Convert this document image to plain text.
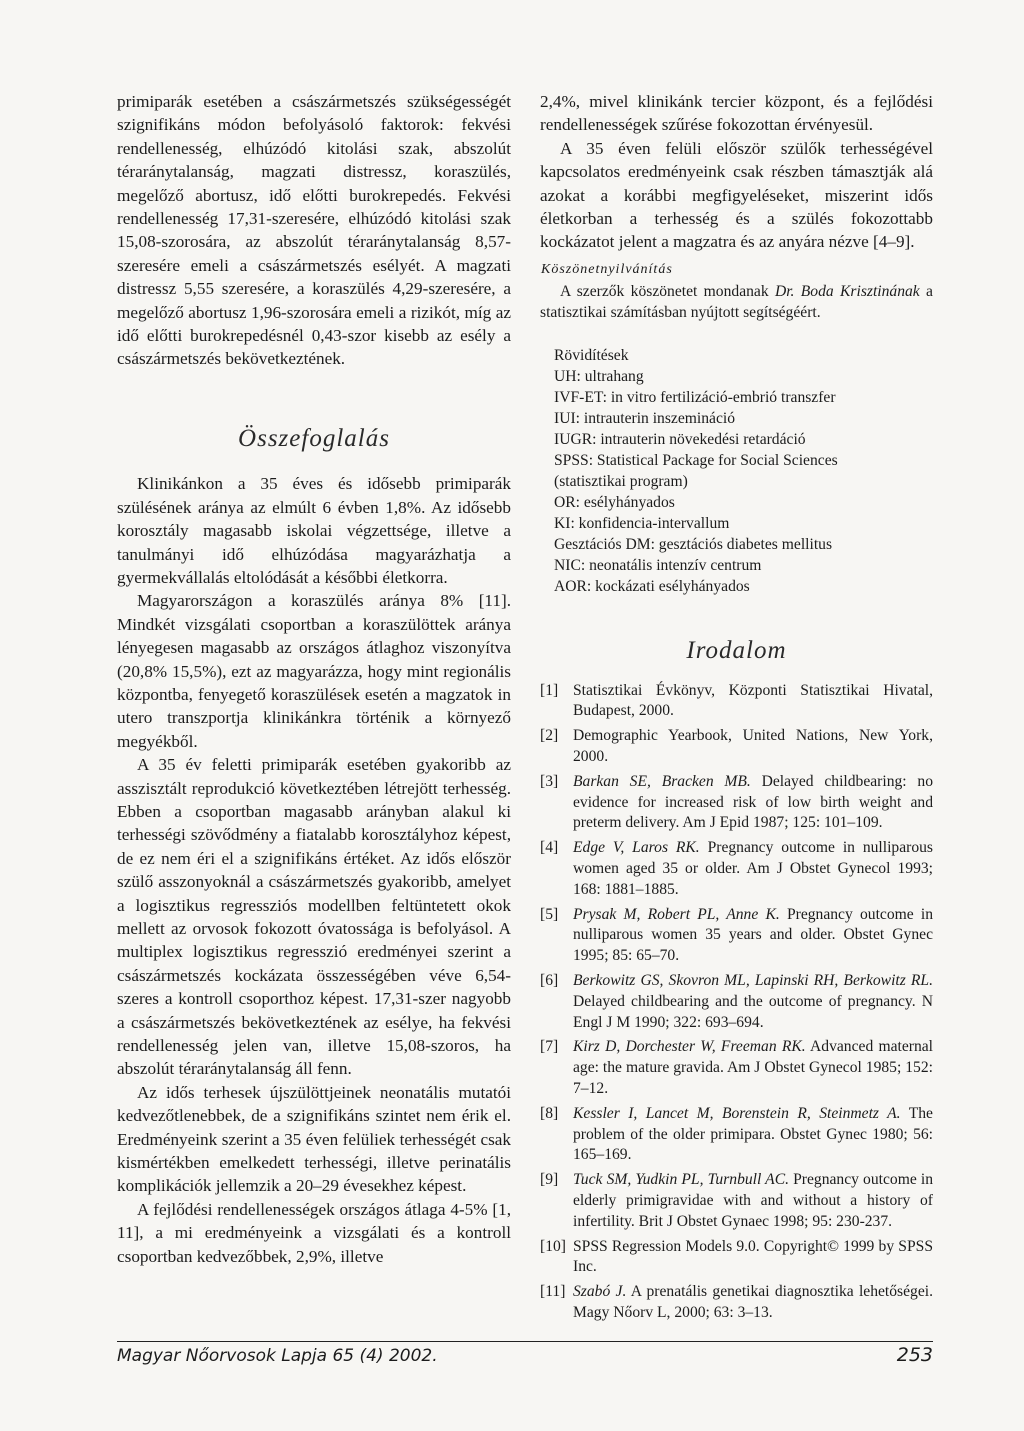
primiparák esetében a császármetszés szükségességét szignifikáns módon befolyásoló faktorok: fekvési rendellenesség, elhúzódó kitolási szak, abszolút téraránytalanság, magzati distressz, koraszülés, megelőző abortusz, idő előtti burokrepedés. Fekvési rendellenesség 17,31-szeresére, elhúzódó kitolási szak 15,08-szorosára, az abszolút téraránytalanság 8,57-szeresére emeli a császármetszés esélyét. A magzati distressz 5,55 szeresére, a koraszülés 4,29-szeresére, a megelőző abortusz 1,96-szorosára emeli a rizikót, míg az idő előtti burokrepedésnél 0,43-szor kisebb az esély a császármetszés bekövetkeztének.

Összefoglalás

Klinikánkon a 35 éves és idősebb primiparák szülésének aránya az elmúlt 6 évben 1,8%. Az idősebb korosztály magasabb iskolai végzettsége, illetve a tanulmányi idő elhúzódása magyarázhatja a gyermekvállalás eltolódását a későbbi életkorra.

Magyarországon a koraszülés aránya 8% [11]. Mindkét vizsgálati csoportban a koraszülöttek aránya lényegesen magasabb az országos átlaghoz viszonyítva (20,8% 15,5%), ezt az magyarázza, hogy mint regionális központba, fenyegető koraszülések esetén a magzatok in utero transzportja klinikánkra történik a környező megyékből.

A 35 év feletti primiparák esetében gyakoribb az asszisztált reprodukció következtében létrejött terhesség. Ebben a csoportban magasabb arányban alakul ki terhességi szövődmény a fiatalabb korosztályhoz képest, de ez nem éri el a szignifikáns értéket. Az idős először szülő asszonyoknál a császármetszés gyakoribb, amelyet a logisztikus regressziós modellben feltüntetett okok mellett az orvosok fokozott óvatossága is befolyásol. A multiplex logisztikus regresszió eredményei szerint a császármetszés kockázata összességében véve 6,54-szeres a kontroll csoporthoz képest. 17,31-szer nagyobb a császármetszés bekövetkeztének az esélye, ha fekvési rendellenesség jelen van, illetve 15,08-szoros, ha abszolút téraránytalanság áll fenn.

Az idős terhesek újszülöttjeinek neonatális mutatói kedvezőtlenebbek, de a szignifikáns szintet nem érik el. Eredményeink szerint a 35 éven felüliek terhességét csak kismértékben emelkedett terhességi, illetve perinatális komplikációk jellemzik a 20–29 évesekhez képest.

A fejlődési rendellenességek országos átlaga 4-5% [1, 11], a mi eredményeink a vizsgálati és a kontroll csoportban kedvezőbbek, 2,9%, illetve

2,4%, mivel klinikánk tercier központ, és a fejlődési rendellenességek szűrése fokozottan érvényesül.

A 35 éven felüli először szülők terhességével kapcsolatos eredményeink csak részben támasztják alá azokat a korábbi megfigyeléseket, miszerint idős életkorban a terhesség és a szülés fokozottabb kockázatot jelent a magzatra és az anyára nézve [4–9].

Köszönetnyilvánítás

A szerzők köszönetet mondanak Dr. Boda Krisztinának a statisztikai számításban nyújtott segítségéért.

Rövidítések
UH: ultrahang
IVF-ET: in vitro fertilizáció-embrió transzfer
IUI: intrauterin inszemináció
IUGR: intrauterin növekedési retardáció
SPSS: Statistical Package for Social Sciences
(statisztikai program)
OR: esélyhányados
KI: konfidencia-intervallum
Gesztációs DM: gesztációs diabetes mellitus
NIC: neonatális intenzív centrum
AOR: kockázati esélyhányados
Irodalom
[1] Statisztikai Évkönyv, Központi Statisztikai Hivatal, Budapest, 2000.
[2] Demographic Yearbook, United Nations, New York, 2000.
[3] Barkan SE, Bracken MB. Delayed childbearing: no evidence for increased risk of low birth weight and preterm delivery. Am J Epid 1987; 125: 101–109.
[4] Edge V, Laros RK. Pregnancy outcome in nulliparous women aged 35 or older. Am J Obstet Gynecol 1993; 168: 1881–1885.
[5] Prysak M, Robert PL, Anne K. Pregnancy outcome in nulliparous women 35 years and older. Obstet Gynec 1995; 85: 65–70.
[6] Berkowitz GS, Skovron ML, Lapinski RH, Berkowitz RL. Delayed childbearing and the outcome of pregnancy. N Engl J M 1990; 322: 693–694.
[7] Kirz D, Dorchester W, Freeman RK. Advanced maternal age: the mature gravida. Am J Obstet Gynecol 1985; 152: 7–12.
[8] Kessler I, Lancet M, Borenstein R, Steinmetz A. The problem of the older primipara. Obstet Gynec 1980; 56: 165–169.
[9] Tuck SM, Yudkin PL, Turnbull AC. Pregnancy outcome in elderly primigravidae with and without a history of infertility. Brit J Obstet Gynaec 1998; 95: 230-237.
[10] SPSS Regression Models 9.0. Copyright© 1999 by SPSS Inc.
[11] Szabó J. A prenatális genetikai diagnosztika lehetőségei. Magy Nőorv L, 2000; 63: 3–13.
Magyar Nőorvosok Lapja 65 (4) 2002.	253
